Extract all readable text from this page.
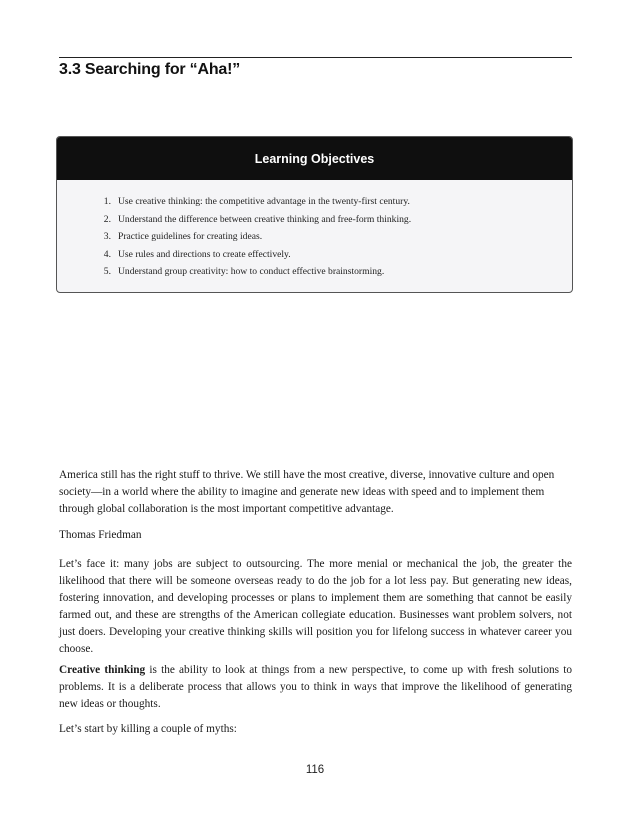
3.3 Searching for “Aha!”
Learning Objectives
1. Use creative thinking: the competitive advantage in the twenty-first century.
2. Understand the difference between creative thinking and free-form thinking.
3. Practice guidelines for creating ideas.
4. Use rules and directions to create effectively.
5. Understand group creativity: how to conduct effective brainstorming.

America still has the right stuff to thrive. We still have the most creative, diverse, innovative culture and open society—in a world where the ability to imagine and generate new ideas with speed and to implement them through global collaboration is the most important competitive advantage.

Thomas Friedman

Let’s face it: many jobs are subject to outsourcing. The more menial or mechanical the job, the greater the likelihood that there will be someone overseas ready to do the job for a lot less pay. But generating new ideas, fostering innovation, and developing processes or plans to implement them are something that cannot be easily farmed out, and these are strengths of the American collegiate education. Businesses want problem solvers, not just doers. Developing your creative thinking skills will position you for lifelong success in whatever career you choose.

Creative thinking is the ability to look at things from a new perspective, to come up with fresh solutions to problems. It is a deliberate process that allows you to think in ways that improve the likelihood of generating new ideas or thoughts.

Let’s start by killing a couple of myths:

116
